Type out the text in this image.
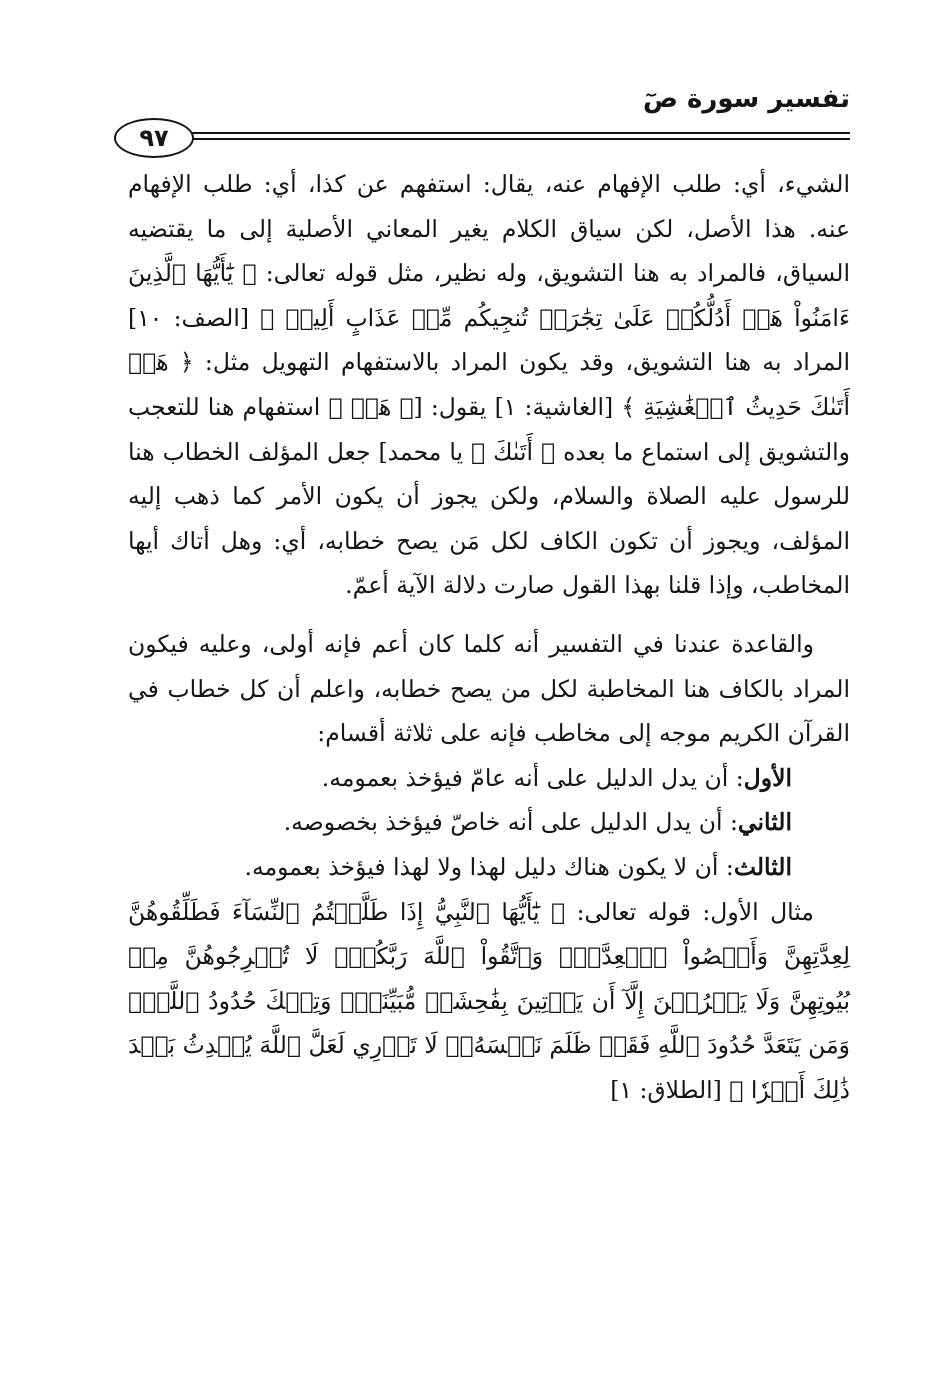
تفسير سورة صٓ
٩٧

الشيء، أي: طلب الإفهام عنه، يقال: استفهم عن كذا، أي: طلب الإفهام عنه. هذا الأصل، لكن سياق الكلام يغير المعاني الأصلية إلى ما يقتضيه السياق، فالمراد به هنا التشويق، وله نظير، مثل قوله تعالى: ﴿ يَٰٓأَيُّهَا ٱلَّذِينَ ءَامَنُواْ هَلۡ أَدُلُّكُمۡ عَلَىٰ تِجَٰرَةٖ تُنجِيكُم مِّنۡ عَذَابٍ أَلِيمٖ ﴾ [الصف: ١٠] المراد به هنا التشويق، وقد يكون المراد بالاستفهام التهويل مثل: ﴿ هَلۡ أَتَىٰكَ حَدِيثُ ٱلۡغَٰشِيَةِ ﴾ [الغاشية: ١] يقول: [﴿ هَلۡ ﴾ استفهام هنا للتعجب والتشويق إلى استماع ما بعده ﴿ أَتَىٰكَ ﴾ يا محمد] جعل المؤلف الخطاب هنا للرسول عليه الصلاة والسلام، ولكن يجوز أن يكون الأمر كما ذهب إليه المؤلف، ويجوز أن تكون الكاف لكل مَن يصح خطابه، أي: وهل أتاك أيها المخاطب، وإذا قلنا بهذا القول صارت دلالة الآية أعمّ.

والقاعدة عندنا في التفسير أنه كلما كان أعم فإنه أولى، وعليه فيكون المراد بالكاف هنا المخاطبة لكل من يصح خطابه، واعلم أن كل خطاب في القرآن الكريم موجه إلى مخاطب فإنه على ثلاثة أقسام:

الأول: أن يدل الدليل على أنه عامّ فيؤخذ بعمومه.

الثاني: أن يدل الدليل على أنه خاصّ فيؤخذ بخصوصه.

الثالث: أن لا يكون هناك دليل لهذا ولا لهذا فيؤخذ بعمومه.

مثال الأول: قوله تعالى: ﴿ يَٰٓأَيُّهَا ٱلنَّبِيُّ إِذَا طَلَّقۡتُمُ ٱلنِّسَآءَ فَطَلِّقُوهُنَّ لِعِدَّتِهِنَّ وَأَحۡصُواْ ٱلۡعِدَّةَۖ وَٱتَّقُواْ ٱللَّهَ رَبَّكُمۡۖ لَا تُخۡرِجُوهُنَّ مِنۢ بُيُوتِهِنَّ وَلَا يَخۡرُجۡنَ إِلَّآ أَن يَأۡتِينَ بِفَٰحِشَةٖ مُّبَيِّنَةٖۚ وَتِلۡكَ حُدُودُ ٱللَّهِۚ وَمَن يَتَعَدَّ حُدُودَ ٱللَّهِ فَقَدۡ ظَلَمَ نَفۡسَهُۥۚ لَا تَدۡرِي لَعَلَّ ٱللَّهَ يُحۡدِثُ بَعۡدَ ذَٰلِكَ أَمۡرٗا ﴾ [الطلاق: ١]
